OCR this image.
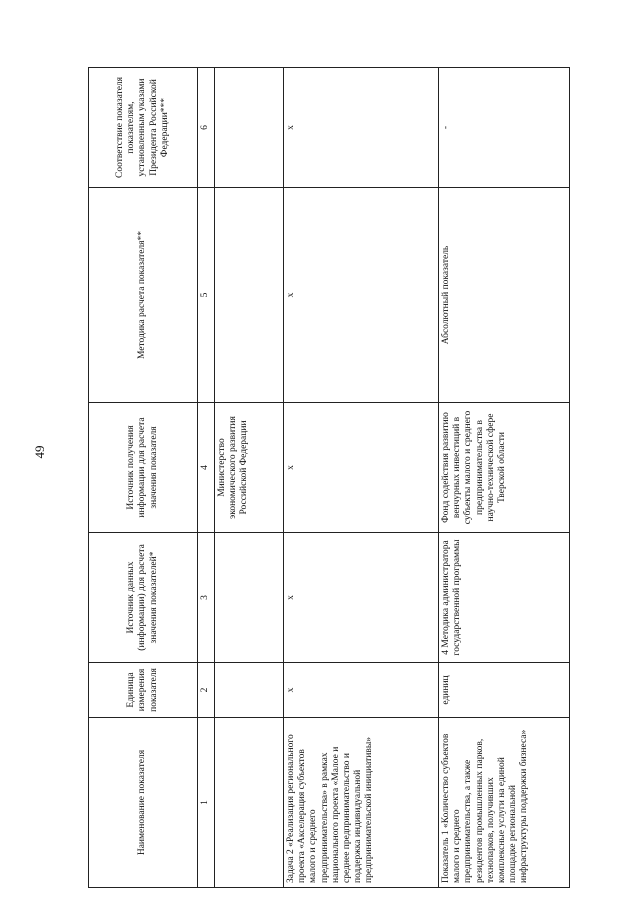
49
Наименование показателя	Единица измерения показателя	Источник данных (информации) для расчета значения показателей*	Источник получения информации для расчета значения показателя	Методика расчета показателя**	Соответствие показателя показателям, установленным указами Президента Российской Федерации***
1	2	3	4	5	6
			Министерство экономического развития Российской Федерации		
Задача 2 «Реализация регионального проекта «Акселерация субъектов малого и среднего предпринимательства» в рамках национального проекта «Малое и среднее предпринимательство и поддержка индивидуальной предпринимательской инициативы»	х	х	х	х	х
Показатель 1 «Количество субъектов малого и среднего предпринимательства, а также резидентов промышленных парков, технопарков, получивших комплексные услуги на единой площадке региональной инфраструктуры поддержки бизнеса»	единиц	4 Методика администратора государственной программы	Фонд содействия развитию венчурных инвестиций в субъекты малого и среднего предпринимательства в научно-технической сфере Тверской области	Абсолютный показатель	-
